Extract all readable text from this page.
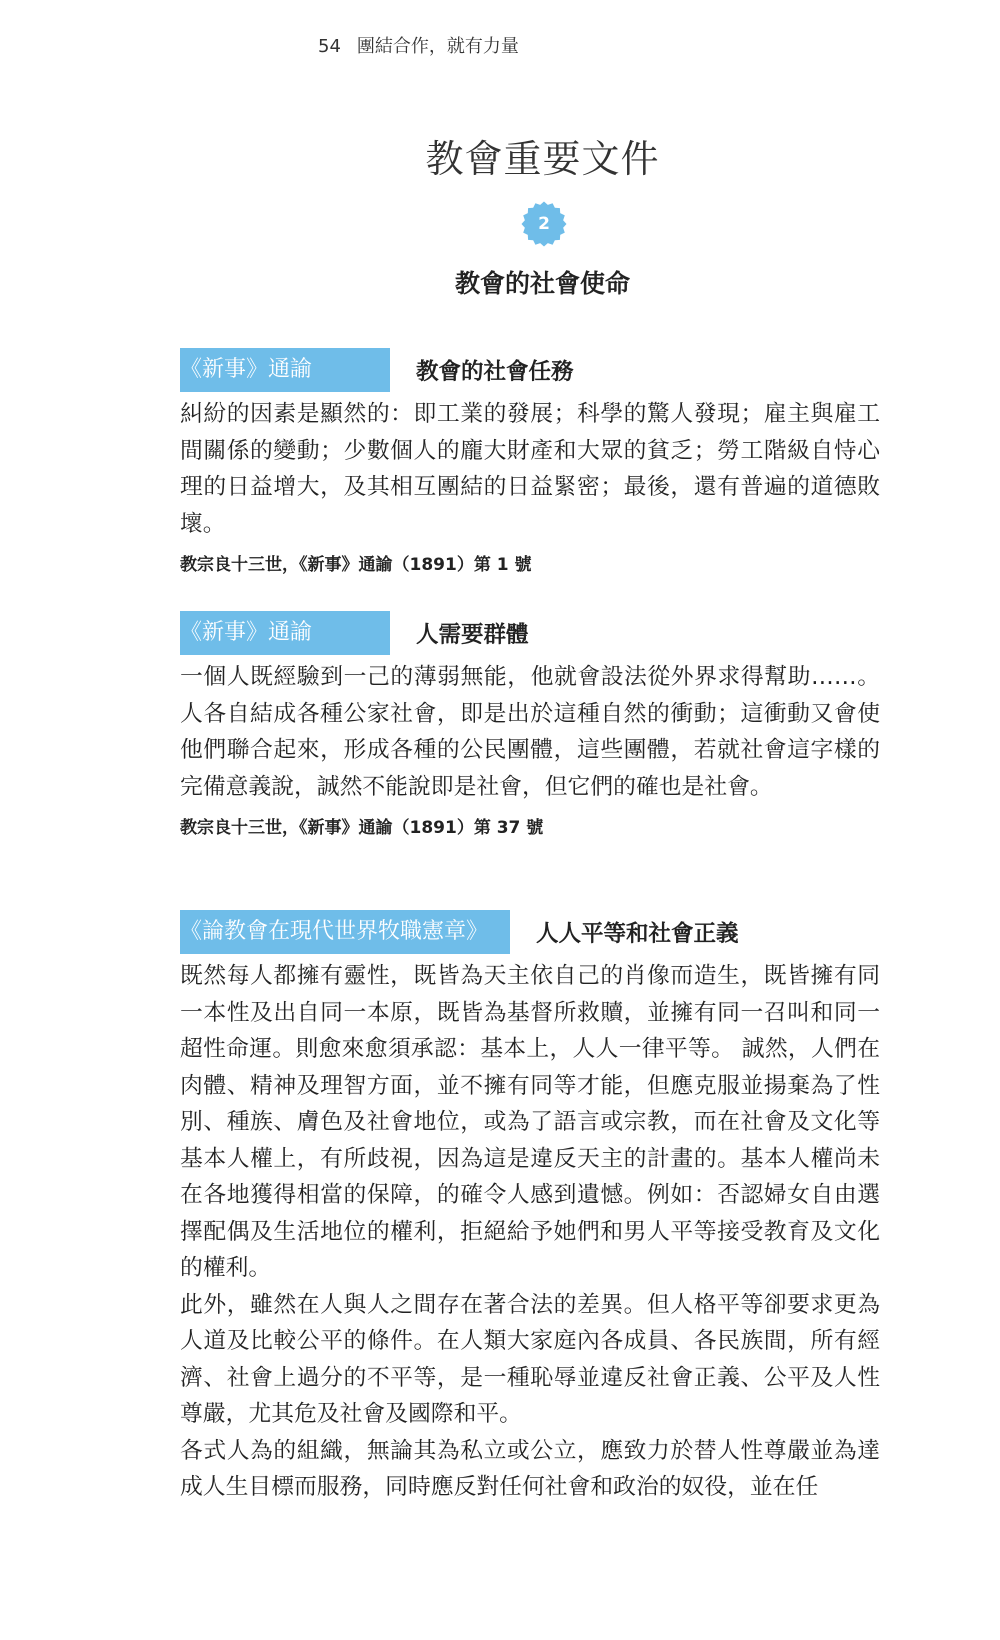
54 團結合作，就有力量
教會重要文件
2
教會的社會使命
《新事》通諭	教會的社會任務

糾紛的因素是顯然的：即工業的發展；科學的驚人發現；雇主與雇工間關係的變動；少數個人的龐大財產和大眾的貧乏；勞工階級自恃心理的日益增大，及其相互團結的日益緊密；最後，還有普遍的道德敗壞。

教宗良十三世，《新事》通諭（1891）第 1 號
《新事》通諭	人需要群體

一個人既經驗到一己的薄弱無能，他就會設法從外界求得幫助……。人各自結成各種公家社會，即是出於這種自然的衝動；這衝動又會使他們聯合起來，形成各種的公民團體，這些團體，若就社會這字樣的完備意義說，誠然不能說即是社會，但它們的確也是社會。

教宗良十三世，《新事》通諭（1891）第 37 號
《論教會在現代世界牧職憲章》	人人平等和社會正義

既然每人都擁有靈性，既皆為天主依自己的肖像而造生，既皆擁有同一本性及出自同一本原，既皆為基督所救贖，並擁有同一召叫和同一超性命運。則愈來愈須承認：基本上，人人一律平等。 誠然，人們在肉體、精神及理智方面，並不擁有同等才能，但應克服並揚棄為了性別、種族、膚色及社會地位，或為了語言或宗教，而在社會及文化等基本人權上，有所歧視，因為這是違反天主的計畫的。基本人權尚未在各地獲得相當的保障，的確令人感到遺憾。例如：否認婦女自由選擇配偶及生活地位的權利，拒絕給予她們和男人平等接受教育及文化的權利。

此外，雖然在人與人之間存在著合法的差異。但人格平等卻要求更為人道及比較公平的條件。在人類大家庭內各成員、各民族間，所有經濟、社會上過分的不平等，是一種恥辱並違反社會正義、公平及人性尊嚴，尤其危及社會及國際和平。

各式人為的組織，無論其為私立或公立，應致力於替人性尊嚴並為達成人生目標而服務，同時應反對任何社會和政治的奴役，並在任
